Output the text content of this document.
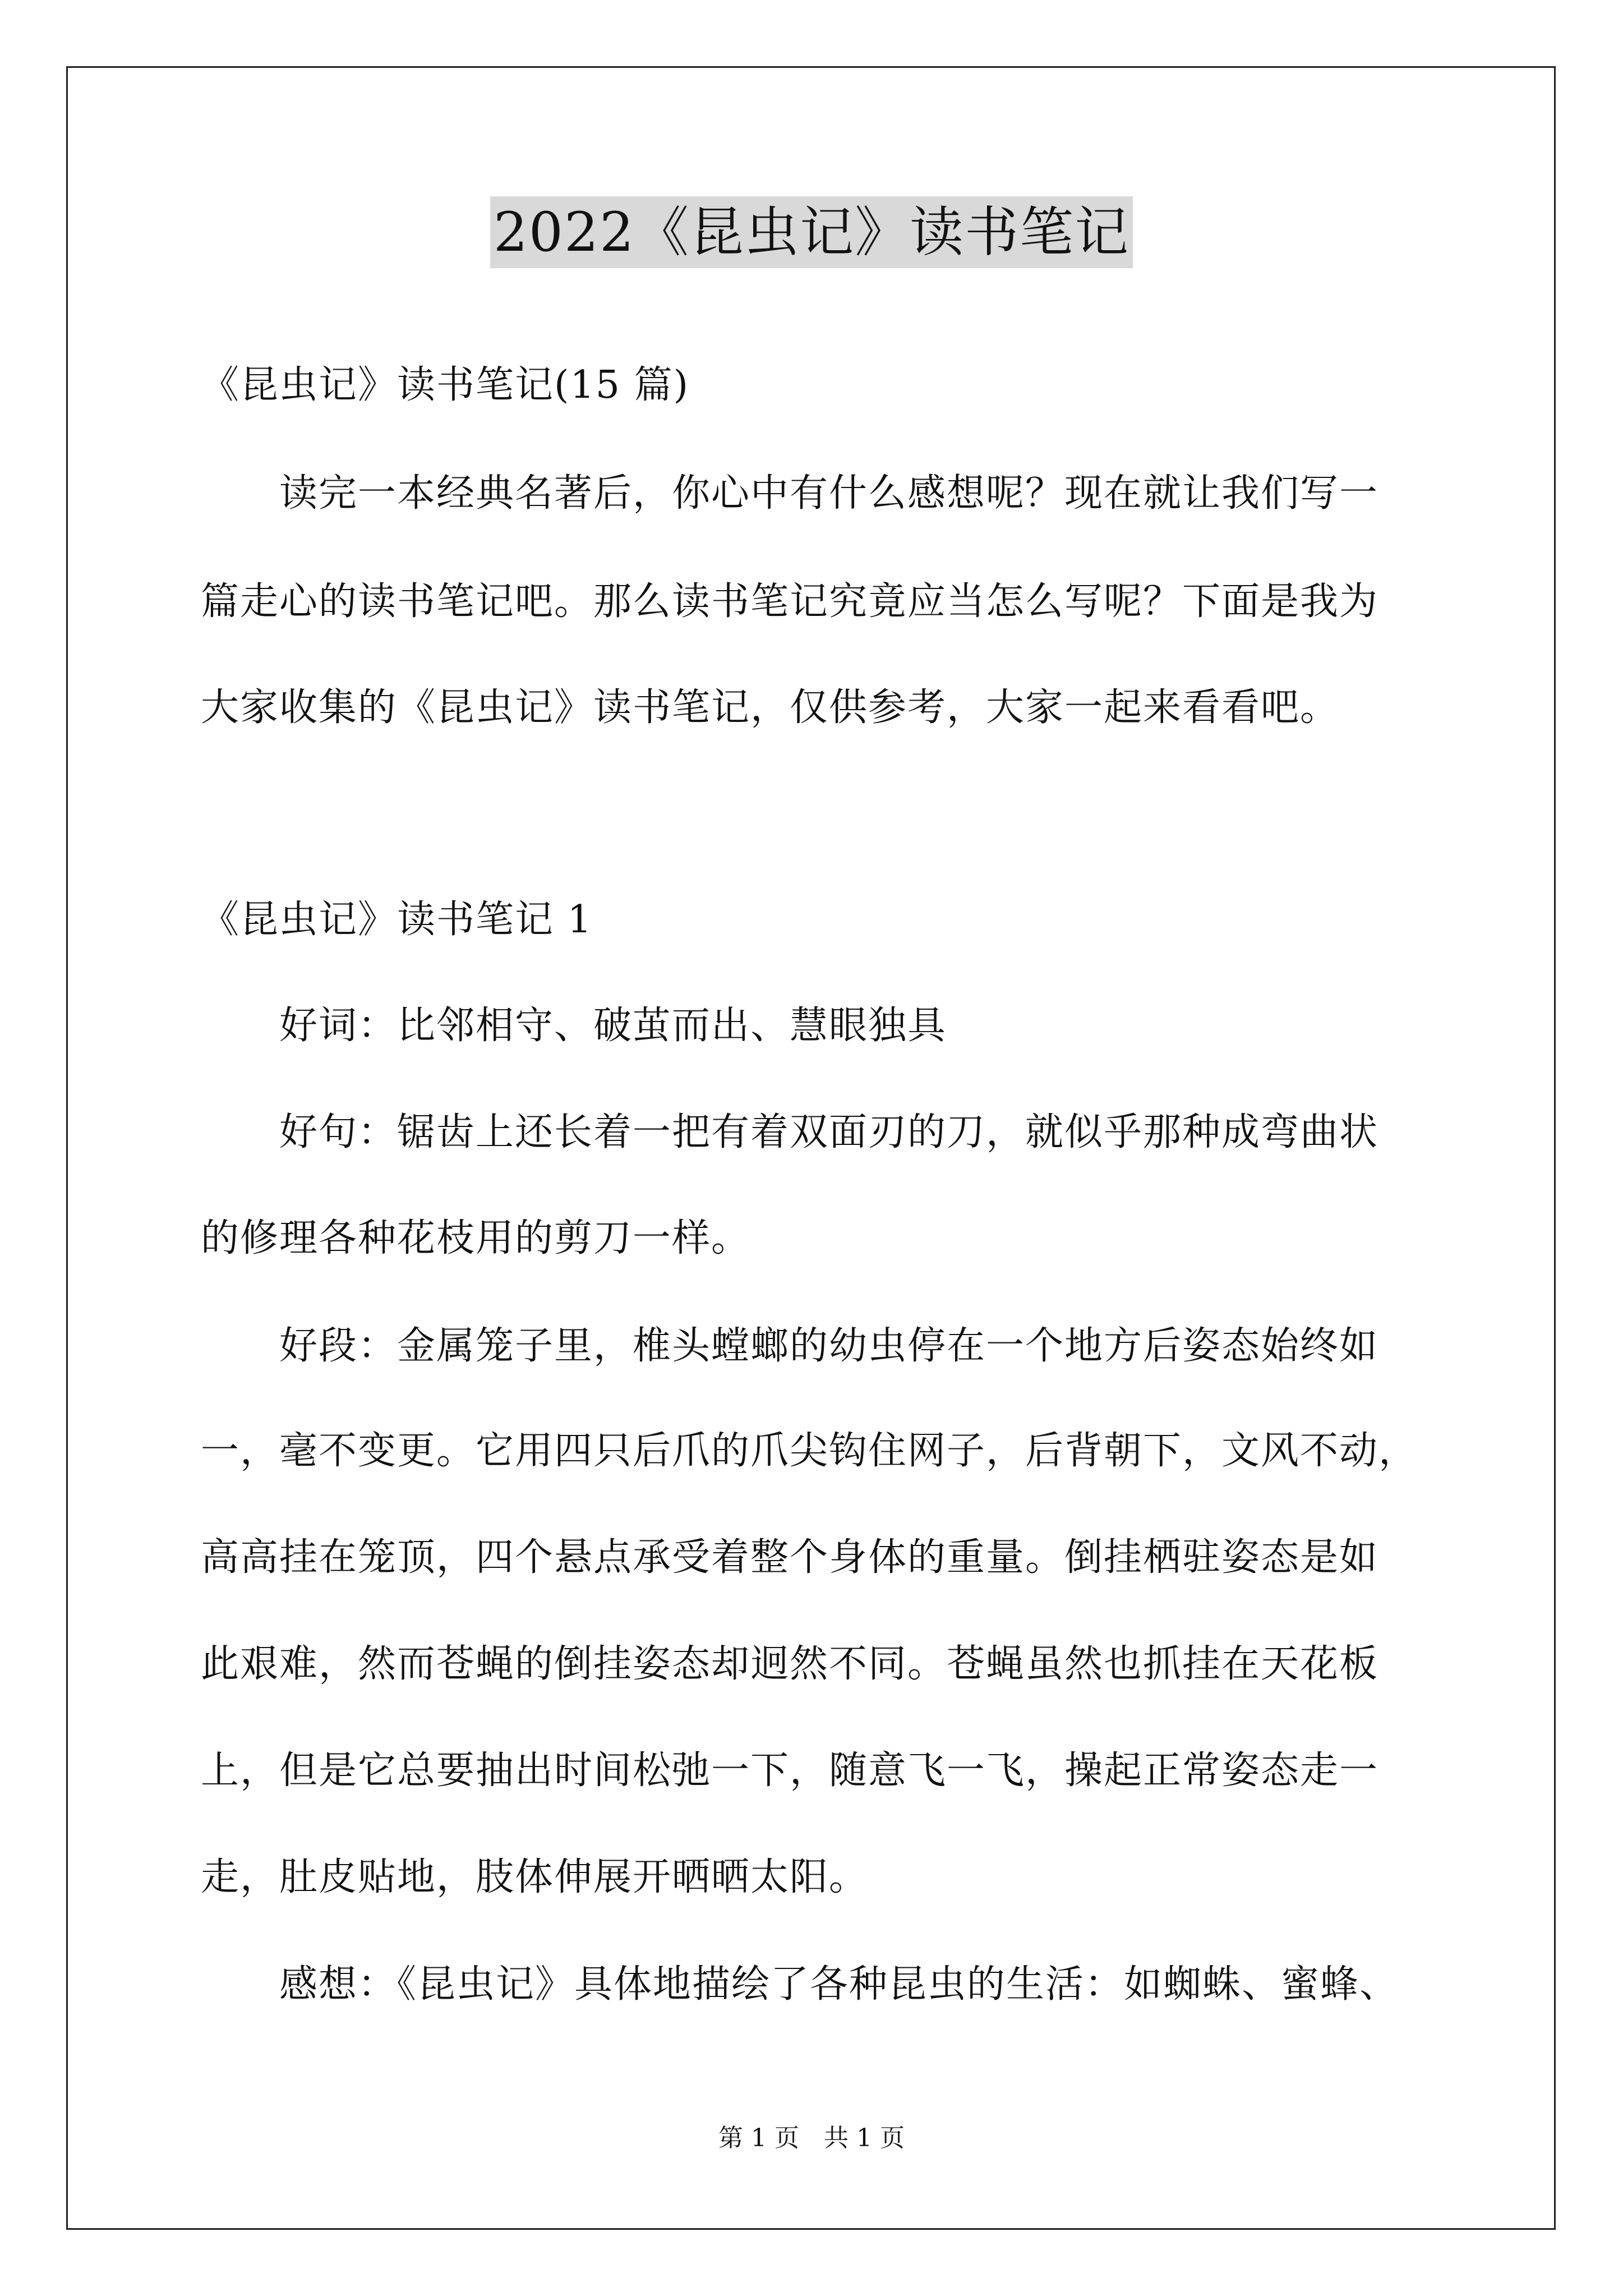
2022《昆虫记》读书笔记

《昆虫记》读书笔记(15 篇)

读完一本经典名著后，你心中有什么感想呢？现在就让我们写一

篇走心的读书笔记吧。那么读书笔记究竟应当怎么写呢？下面是我为

大家收集的《昆虫记》读书笔记，仅供参考，大家一起来看看吧。

《昆虫记》读书笔记 1

好词：比邻相守、破茧而出、慧眼独具

好句：锯齿上还长着一把有着双面刃的刀，就似乎那种成弯曲状

的修理各种花枝用的剪刀一样。

好段：金属笼子里，椎头螳螂的幼虫停在一个地方后姿态始终如

一，毫不变更。它用四只后爪的爪尖钩住网子，后背朝下，文风不动，

高高挂在笼顶，四个悬点承受着整个身体的重量。倒挂栖驻姿态是如

此艰难，然而苍蝇的倒挂姿态却迥然不同。苍蝇虽然也抓挂在天花板

上，但是它总要抽出时间松弛一下，随意飞一飞，操起正常姿态走一

走，肚皮贴地，肢体伸展开晒晒太阳。

感想：《昆虫记》具体地描绘了各种昆虫的生活：如蜘蛛、蜜蜂、

第 1 页 共 1 页
